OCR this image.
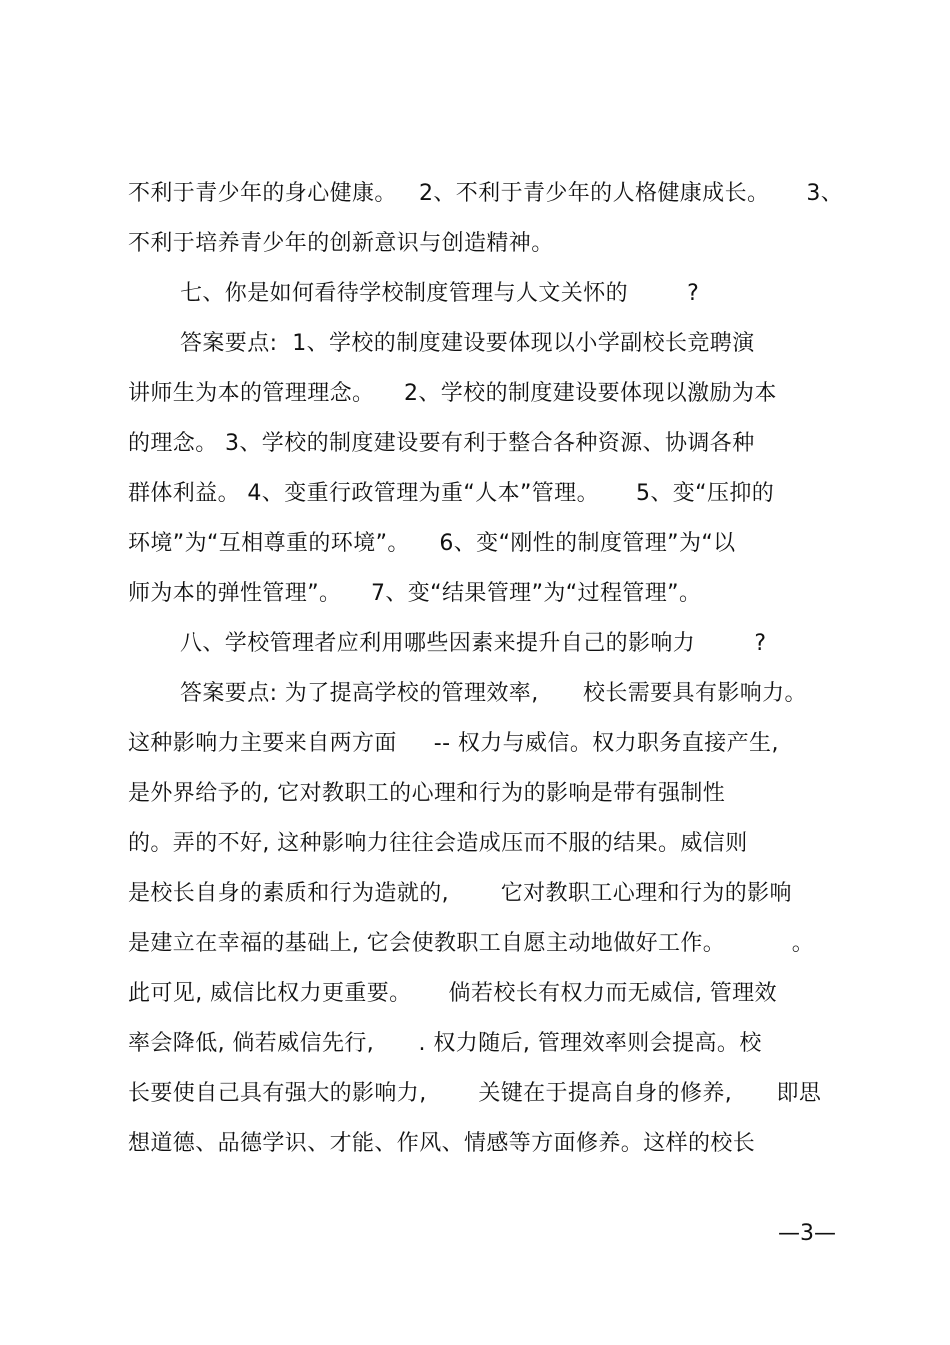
不利于青少年的身心健康。   2、不利于青少年的人格健康成长。     3、
不利于培养青少年的创新意识与创造精神。
七、你是如何看待学校制度管理与人文关怀的        ?
答案要点:  1、学校的制度建设要体现以小学副校长竞聘演
讲师生为本的管理理念。    2、学校的制度建设要体现以激励为本
的理念。 3、学校的制度建设要有利于整合各种资源、协调各种
群体利益。 4、变重行政管理为重“人本”管理。     5、变“压抑的
环境”为“互相尊重的环境”。    6、变“刚性的制度管理”为“以
师为本的弹性管理”。    7、变“结果管理”为“过程管理”。
八、学校管理者应利用哪些因素来提升自己的影响力        ?
答案要点: 为了提高学校的管理效率,      校长需要具有影响力。
这种影响力主要来自两方面     -- 权力与威信。权力职务直接产生,
是外界给予的, 它对教职工的心理和行为的影响是带有强制性
的。弄的不好, 这种影响力往往会造成压而不服的结果。威信则
是校长自身的素质和行为造就的,       它对教职工心理和行为的影响
是建立在幸福的基础上, 它会使教职工自愿主动地做好工作。         。
此可见, 威信比权力更重要。     倘若校长有权力而无威信, 管理效
率会降低, 倘若威信先行,      . 权力随后, 管理效率则会提高。校
长要使自己具有强大的影响力,       关键在于提高自身的修养,      即思
想道德、品德学识、才能、作风、情感等方面修养。这样的校长
—3—
